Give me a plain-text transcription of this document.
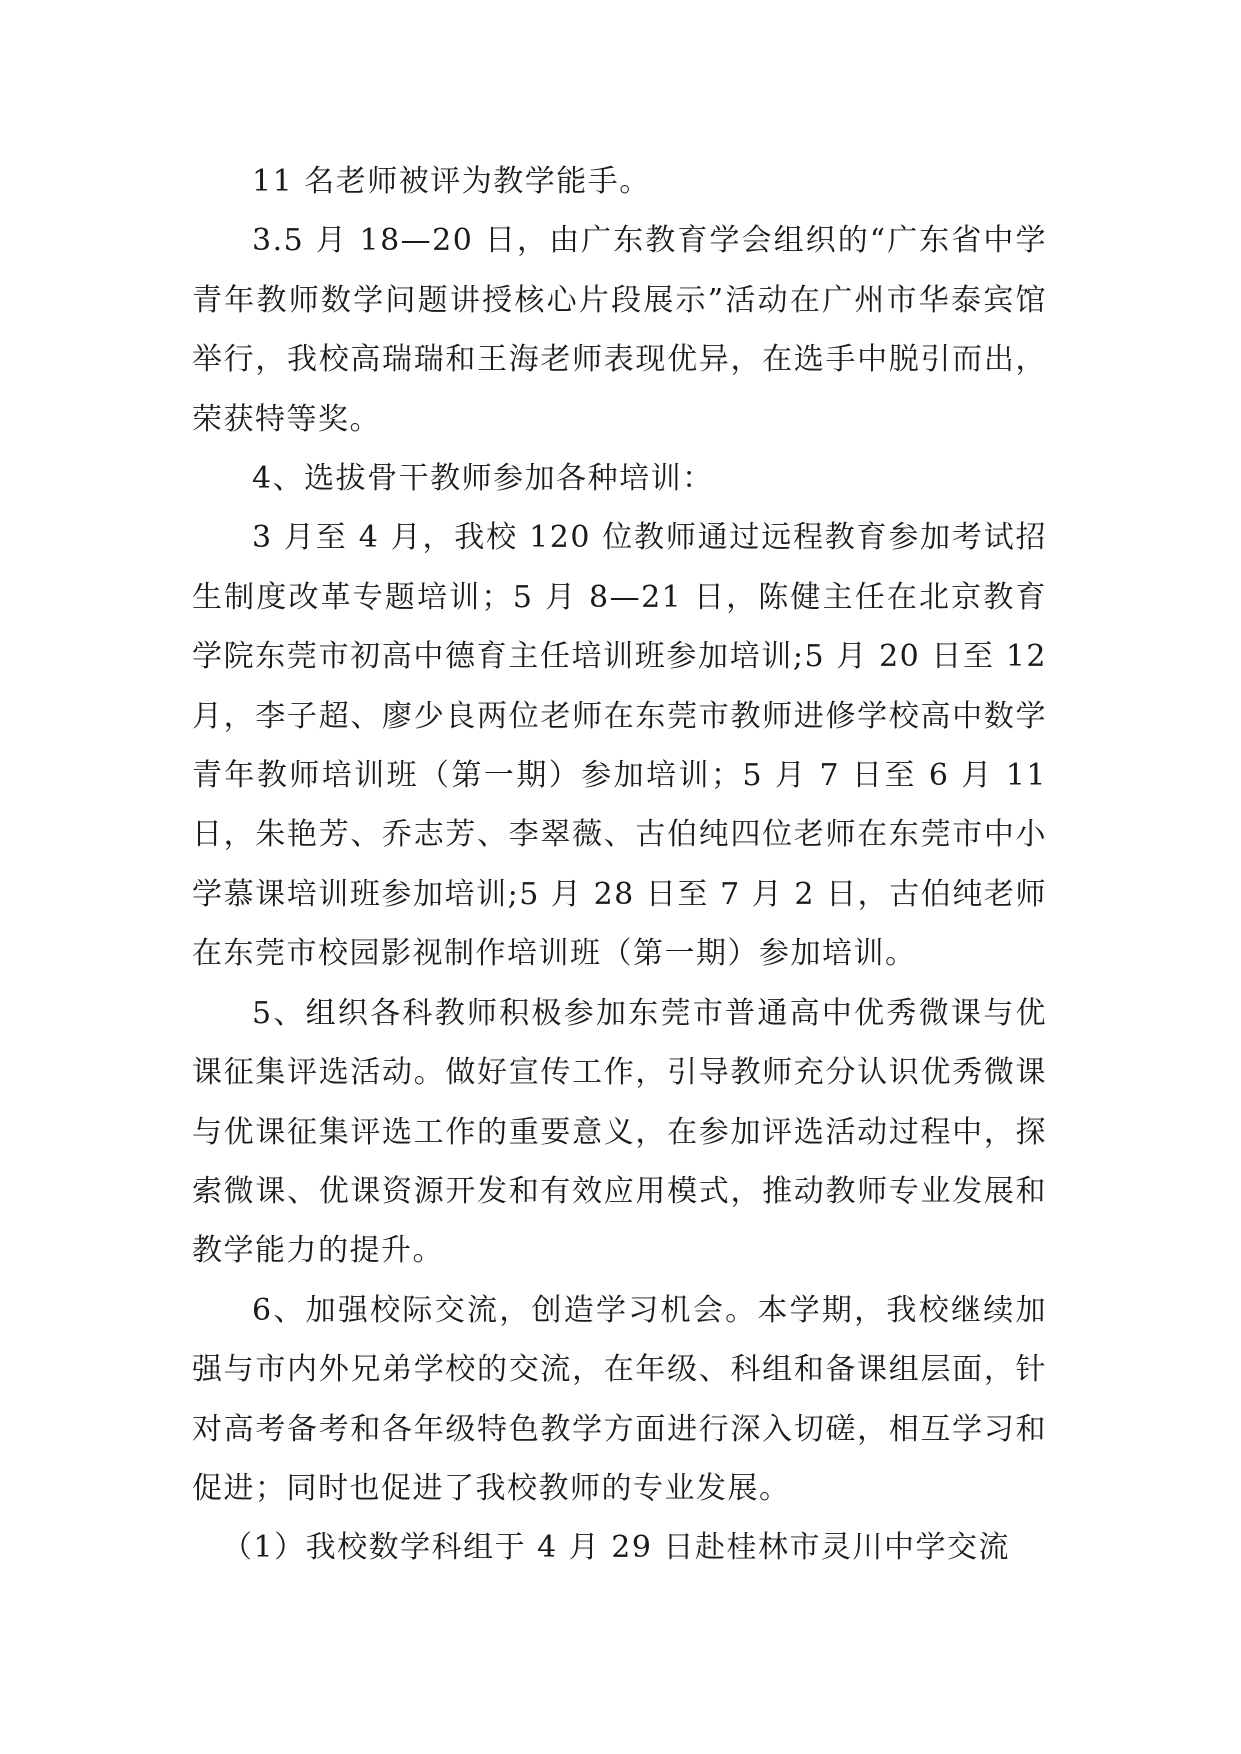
11 名老师被评为教学能手。

3.5 月 18—20 日，由广东教育学会组织的“广东省中学青年教师数学问题讲授核心片段展示”活动在广州市华泰宾馆举行，我校高瑞瑞和王海老师表现优异，在选手中脱引而出，荣获特等奖。

4、选拔骨干教师参加各种培训：

3 月至 4 月，我校 120 位教师通过远程教育参加考试招生制度改革专题培训；5 月 8—21 日，陈健主任在北京教育学院东莞市初高中德育主任培训班参加培训;5 月 20 日至 12 月，李子超、廖少良两位老师在东莞市教师进修学校高中数学青年教师培训班（第一期）参加培训；5 月 7 日至 6 月 11 日，朱艳芳、乔志芳、李翠薇、古伯纯四位老师在东莞市中小学慕课培训班参加培训;5 月 28 日至 7 月 2 日，古伯纯老师在东莞市校园影视制作培训班（第一期）参加培训。

5、组织各科教师积极参加东莞市普通高中优秀微课与优课征集评选活动。做好宣传工作，引导教师充分认识优秀微课与优课征集评选工作的重要意义，在参加评选活动过程中，探索微课、优课资源开发和有效应用模式，推动教师专业发展和教学能力的提升。

6、加强校际交流，创造学习机会。本学期，我校继续加强与市内外兄弟学校的交流，在年级、科组和备课组层面，针对高考备考和各年级特色教学方面进行深入切磋，相互学习和促进；同时也促进了我校教师的专业发展。

（1）我校数学科组于 4 月 29 日赴桂林市灵川中学交流
